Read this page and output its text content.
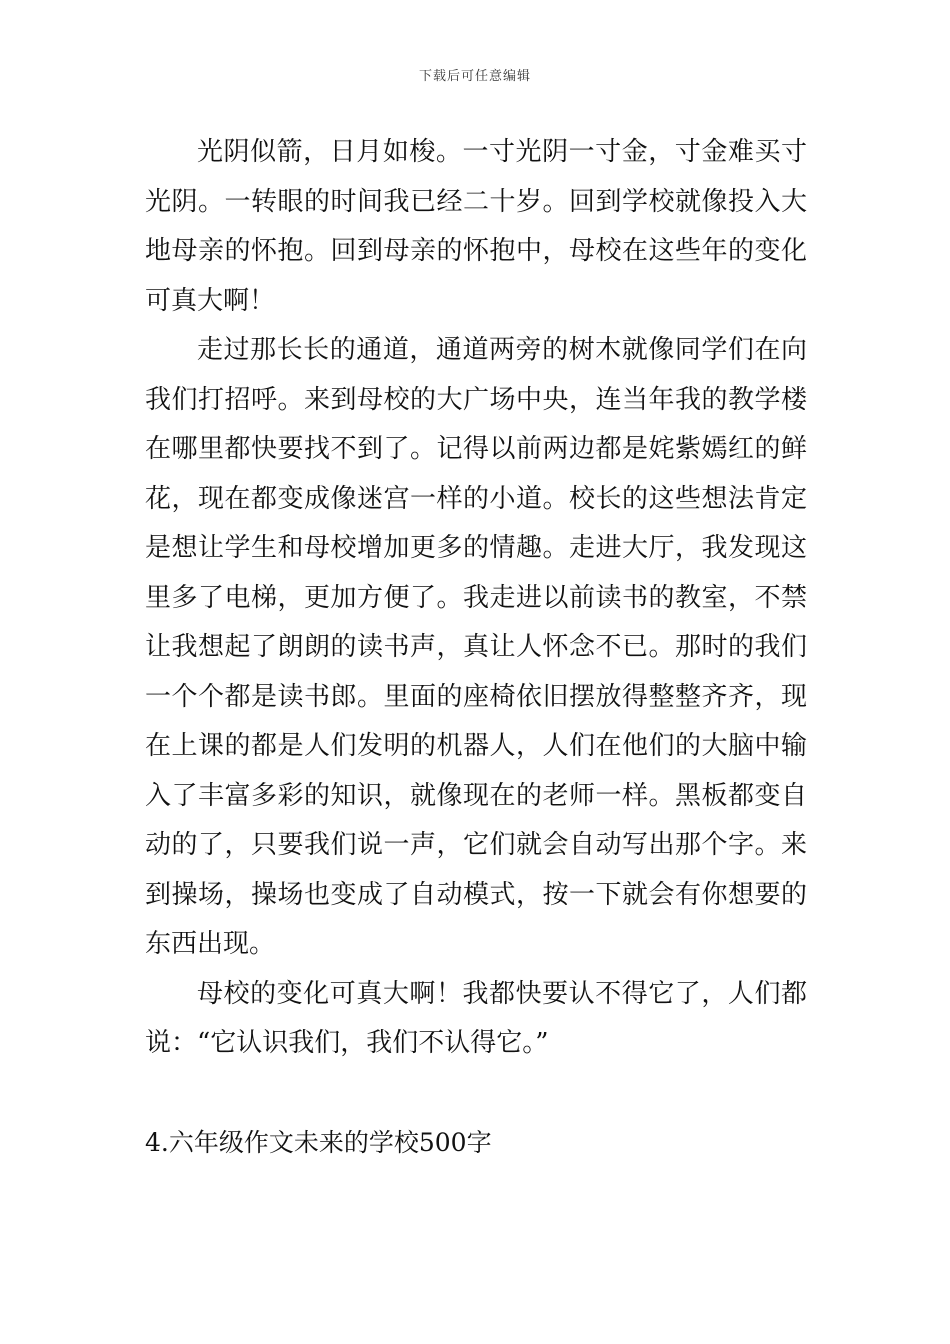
下载后可任意编辑

光阴似箭，日月如梭。一寸光阴一寸金，寸金难买寸光阴。一转眼的时间我已经二十岁。回到学校就像投入大地母亲的怀抱。回到母亲的怀抱中，母校在这些年的变化可真大啊！

走过那长长的通道，通道两旁的树木就像同学们在向我们打招呼。来到母校的大广场中央，连当年我的教学楼在哪里都快要找不到了。记得以前两边都是姹紫嫣红的鲜花，现在都变成像迷宫一样的小道。校长的这些想法肯定是想让学生和母校增加更多的情趣。走进大厅，我发现这里多了电梯，更加方便了。我走进以前读书的教室，不禁让我想起了朗朗的读书声，真让人怀念不已。那时的我们一个个都是读书郎。里面的座椅依旧摆放得整整齐齐，现在上课的都是人们发明的机器人，人们在他们的大脑中输入了丰富多彩的知识，就像现在的老师一样。黑板都变自动的了，只要我们说一声，它们就会自动写出那个字。来到操场，操场也变成了自动模式，按一下就会有你想要的东西出现。

母校的变化可真大啊！我都快要认不得它了，人们都说：“它认识我们，我们不认得它。”

4.六年级作文未来的学校500字
